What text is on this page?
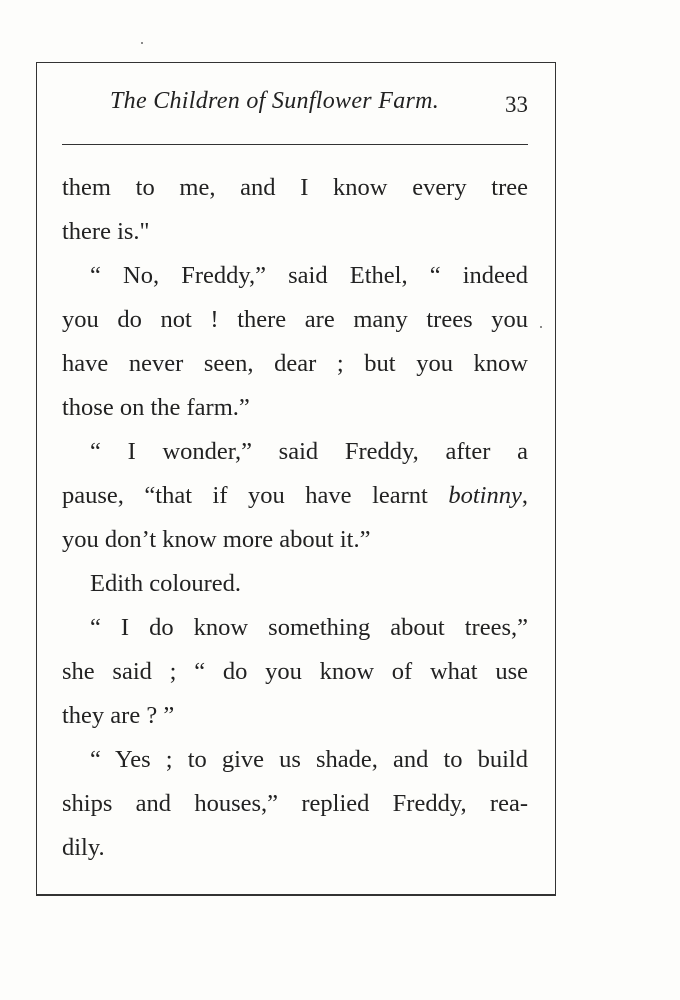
The Children of Sunflower Farm.	33
them to me, and I know every tree
there is."
“ No, Freddy,” said Ethel, “ indeed
you do not ! there are many trees you
have never seen, dear ; but you know
those on the farm.”
“ I wonder,” said Freddy, after a
pause, “that if you have learnt botinny,
you don’t know more about it.”
Edith coloured.
“ I do know something about trees,”
she said ; “ do you know of what use
they are ? ”
“ Yes ; to give us shade, and to build
ships and houses,” replied Freddy, rea-
dily.
